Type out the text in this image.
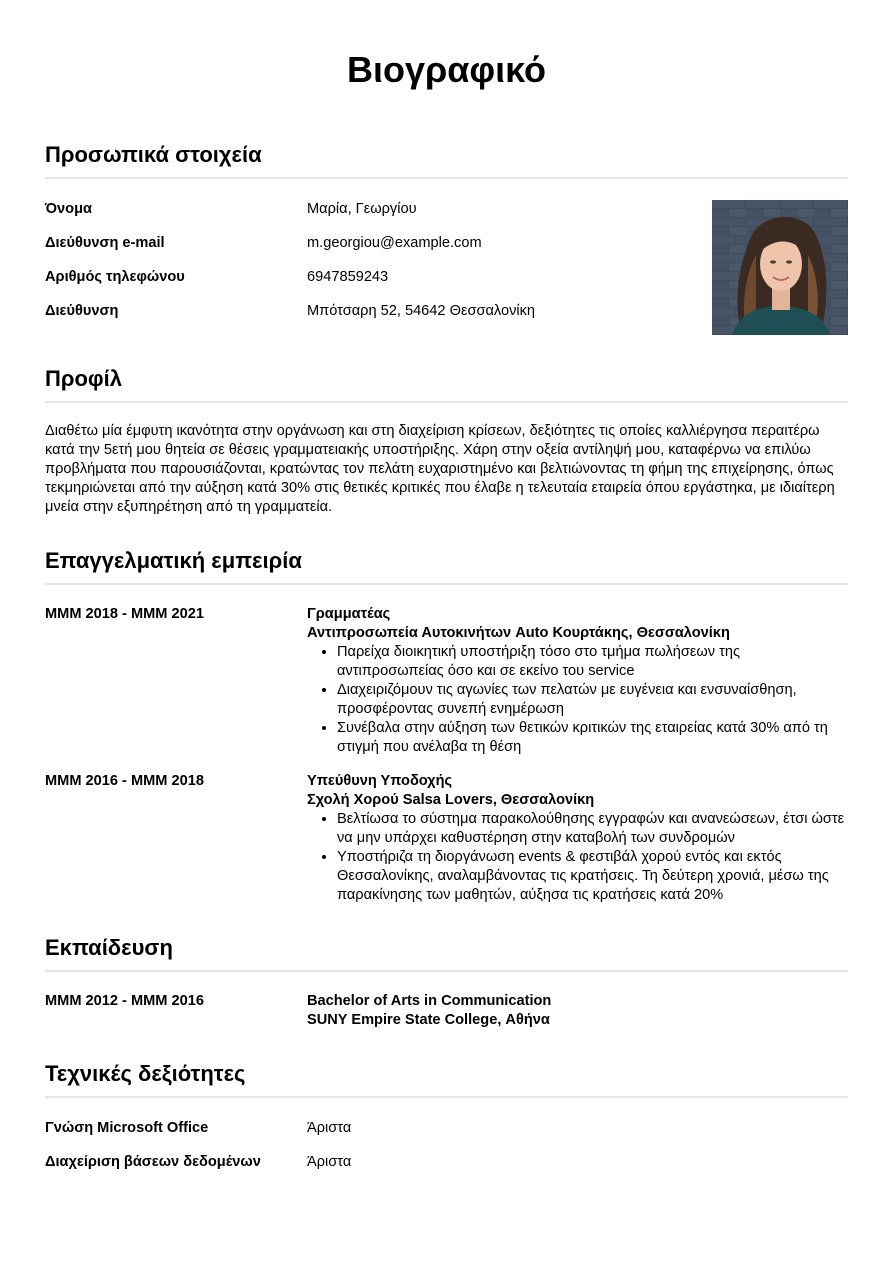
Βιογραφικό
Προσωπικά στοιχεία
Όνομα	Μαρία, Γεωργίου
Διεύθυνση e-mail	m.georgiou@example.com
Αριθμός τηλεφώνου	6947859243
Διεύθυνση	Μπότσαρη 52, 54642 Θεσσαλονίκη
Προφίλ

Διαθέτω μία έμφυτη ικανότητα στην οργάνωση και στη διαχείριση κρίσεων, δεξιότητες τις οποίες καλλιέργησα περαιτέρω κατά την 5ετή μου θητεία σε θέσεις γραμματειακής υποστήριξης. Χάρη στην οξεία αντίληψή μου, καταφέρνω να επιλύω προβλήματα που παρουσιάζονται, κρατώντας τον πελάτη ευχαριστημένο και βελτιώνοντας τη φήμη της επιχείρησης, όπως τεκμηριώνεται από την αύξηση κατά 30% στις θετικές κριτικές που έλαβε η τελευταία εταιρεία όπου εργάστηκα, με ιδιαίτερη μνεία στην εξυπηρέτηση από τη γραμματεία.

Επαγγελματική εμπειρία
ΜΜΜ 2018 - ΜΜΜ 2021	Γραμματέας
Αντιπροσωπεία Αυτοκινήτων Auto Κουρτάκης, Θεσσαλονίκη
• Παρείχα διοικητική υποστήριξη τόσο στο τμήμα πωλήσεων της αντιπροσωπείας όσο και σε εκείνο του service
• Διαχειριζόμουν τις αγωνίες των πελατών με ευγένεια και ενσυναίσθηση, προσφέροντας συνεπή ενημέρωση
• Συνέβαλα στην αύξηση των θετικών κριτικών της εταιρείας κατά 30% από τη στιγμή που ανέλαβα τη θέση
ΜΜΜ 2016 - ΜΜΜ 2018	Υπεύθυνη Υποδοχής
Σχολή Χορού Salsa Lovers, Θεσσαλονίκη
• Βελτίωσα το σύστημα παρακολούθησης εγγραφών και ανανεώσεων, έτσι ώστε να μην υπάρχει καθυστέρηση στην καταβολή των συνδρομών
• Υποστήριζα τη διοργάνωση events & φεστιβάλ χορού εντός και εκτός Θεσσαλονίκης, αναλαμβάνοντας τις κρατήσεις. Τη δεύτερη χρονιά, μέσω της παρακίνησης των μαθητών, αύξησα τις κρατήσεις κατά 20%
Εκπαίδευση
ΜΜΜ 2012 - ΜΜΜ 2016	Bachelor of Arts in Communication
SUNY Empire State College, Αθήνα
Τεχνικές δεξιότητες
Γνώση Microsoft Office	Άριστα
Διαχείριση βάσεων δεδομένων	Άριστα
